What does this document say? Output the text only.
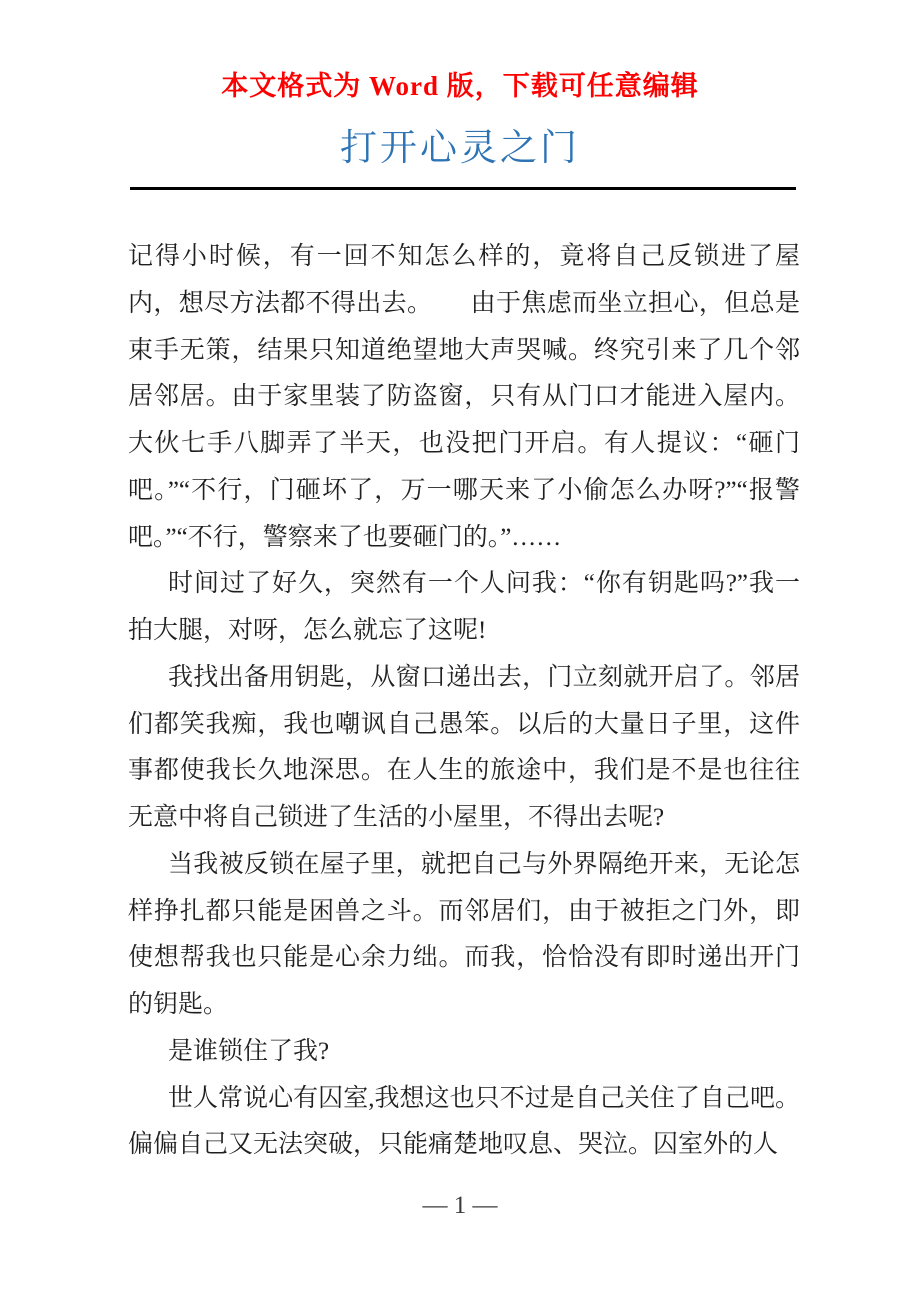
本文格式为 Word 版，下载可任意编辑
打开心灵之门

记得小时候，有一回不知怎么样的，竟将自己反锁进了屋内，想尽方法都不得出去。　　由于焦虑而坐立担心，但总是束手无策，结果只知道绝望地大声哭喊。终究引来了几个邻居邻居。由于家里装了防盗窗，只有从门口才能进入屋内。大伙七手八脚弄了半天，也没把门开启。有人提议：“砸门吧。”“不行，门砸坏了，万一哪天来了小偷怎么办呀?”“报警吧。”“不行，警察来了也要砸门的。”……

时间过了好久，突然有一个人问我：“你有钥匙吗?”我一拍大腿，对呀，怎么就忘了这呢!

我找出备用钥匙，从窗口递出去，门立刻就开启了。邻居们都笑我痴，我也嘲讽自己愚笨。以后的大量日子里，这件事都使我长久地深思。在人生的旅途中，我们是不是也往往无意中将自己锁进了生活的小屋里，不得出去呢?

当我被反锁在屋子里，就把自己与外界隔绝开来，无论怎样挣扎都只能是困兽之斗。而邻居们，由于被拒之门外，即使想帮我也只能是心余力绌。而我，恰恰没有即时递出开门的钥匙。

是谁锁住了我?

世人常说心有囚室,我想这也只不过是自己关住了自己吧。偏偏自己又无法突破，只能痛楚地叹息、哭泣。囚室外的人

— 1 —
